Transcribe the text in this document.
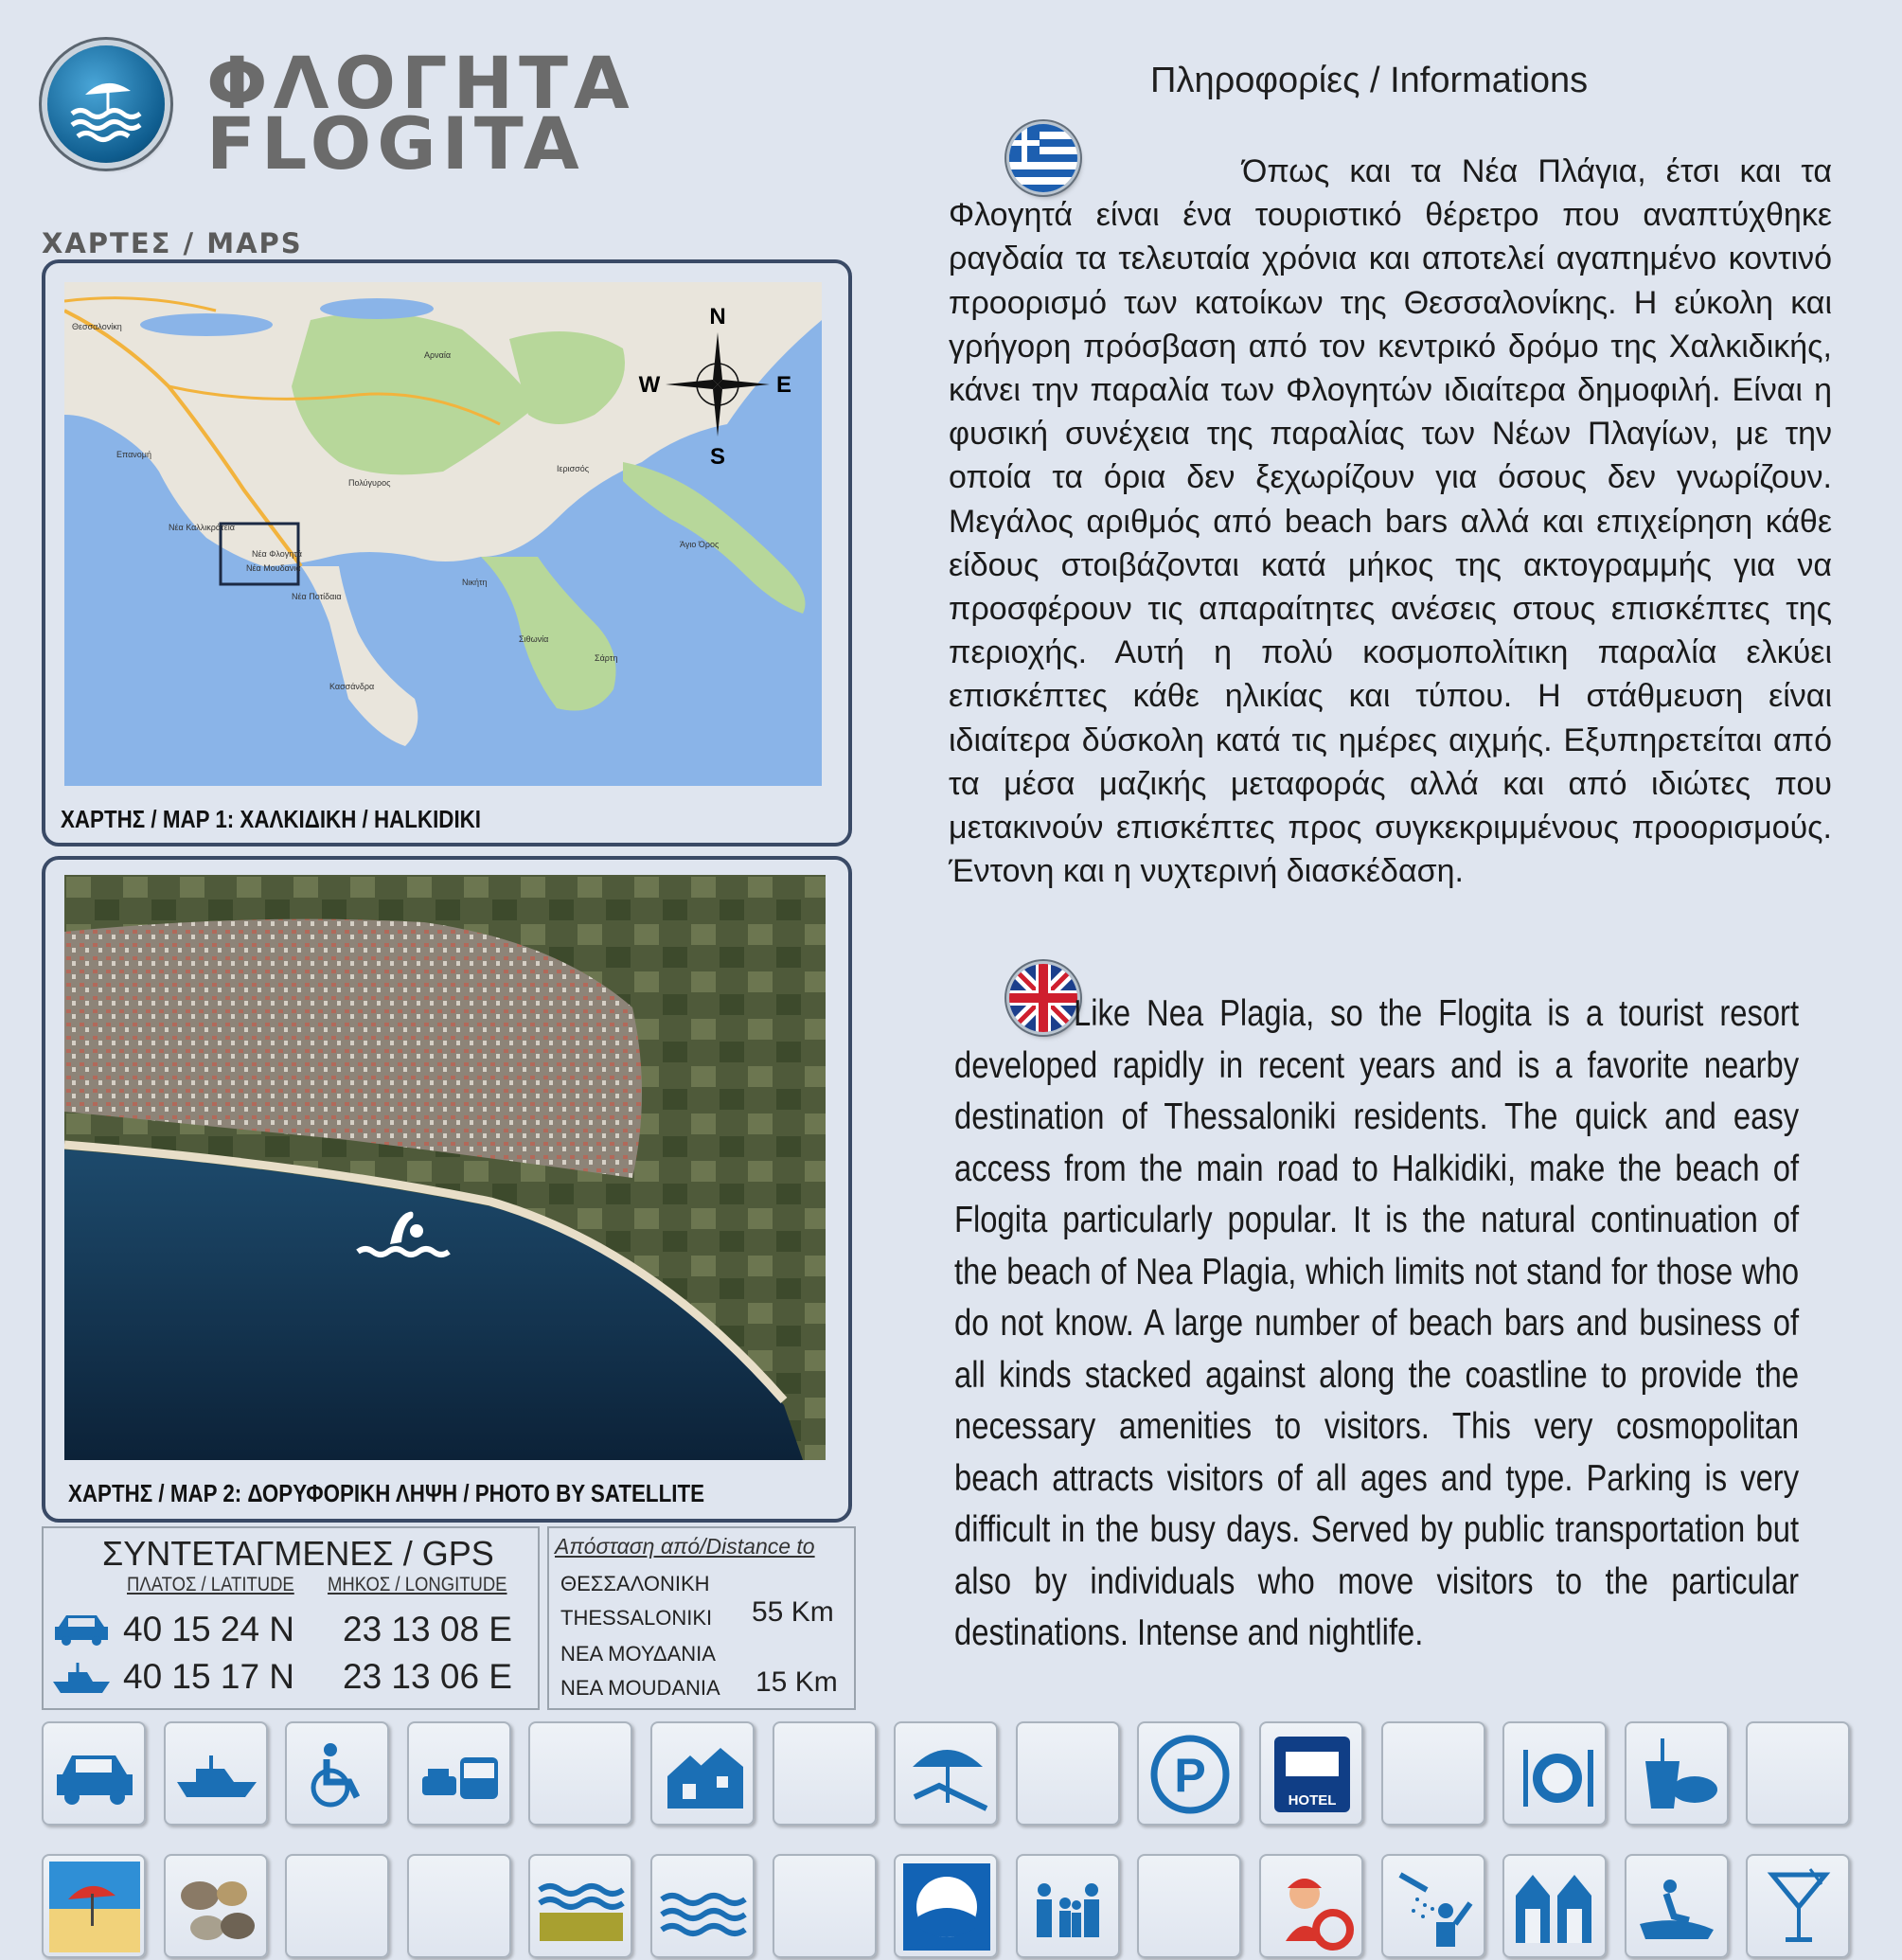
ΦΛΟΓΗΤΑ
FLOGITA
ΧΑΡΤΕΣ / MAPS
N
S
W	E
Θεσσαλονίκη
Νέα Μουδανιά
Νέα Φλογητά
Κασσάνδρα
Σιθωνία
Άγιο Όρος
Πολύγυρος
Νέα Καλλικράτεια
Επανομή
Αρναία
Ιερισσός
Νικήτη
Νέα Ποτίδαια
Σάρτη
ΧΑΡΤΗΣ / MAP 1: ΧΑΛΚΙΔΙΚΗ / HALKIDIKI
ΧΑΡΤΗΣ / MAP 2: ΔΟΡΥΦΟΡΙΚΗ ΛΗΨΗ / PHOTO BY SATELLITE
ΣΥΝΤΕΤΑΓΜΕΝΕΣ / GPS
ΠΛΑΤΟΣ / LATITUDE ΜΗΚΟΣ / LONGITUDE
40 15 24 N 23 13 08 E
40 15 17 N 23 13 06 E
Απόσταση από/Distance to
ΘΕΣΣΑΛΟΝΙΚΗ
THESSALONIKI 55 Km
ΝΕΑ ΜΟΥΔΑΝΙΑ
ΝΕΑ MOUDANIA 15 Km
Πληροφορίες / Informations
Όπως και τα Νέα Πλάγια, έτσι και τα Φλογητά είναι ένα τουριστικό θέρετρο που αναπτύχθηκε ραγδαία τα τελευταία χρόνια και αποτελεί αγαπημένο κοντινό προορισμό των κατοίκων της Θεσσαλονίκης. Η εύκολη και γρήγορη πρόσβαση από τον κεντρικό δρόμο της Χαλκιδικής, κάνει την παραλία των Φλογητών ιδιαίτερα δημοφιλή. Είναι η φυσική συνέχεια της παραλίας των Νέων Πλαγίων, με την οποία τα όρια δεν ξεχωρίζουν για όσους δεν γνωρίζουν. Μεγάλος αριθμός από beach bars αλλά και επιχείρηση κάθε είδους στοιβάζονται κατά μήκος της ακτογραμμής για να προσφέρουν τις απαραίτητες ανέσεις στους επισκέπτες της περιοχής. Αυτή η πολύ κοσμοπολίτικη παραλία ελκύει επισκέπτες κάθε ηλικίας και τύπου. Η στάθμευση είναι ιδιαίτερα δύσκολη κατά τις ημέρες αιχμής. Εξυπηρετείται από τα μέσα μαζικής μεταφοράς αλλά και από ιδιώτες που μετακινούν επισκέπτες προς συγκεκριμμένους προορισμούς. Έντονη και η νυχτερινή διασκέδαση.
Like Nea Plagia, so the Flogita is a tourist resort developed rapidly in recent years and is a favorite nearby destination of Thessaloniki residents. The quick and easy access from the main road to Halkidiki, make the beach of Flogita particularly popular. It is the natural continuation of the beach of Nea Plagia, which limits not stand for those who do not know. A large number of beach bars and business of all kinds stacked against along the coastline to provide the necessary amenities to visitors. This very cosmopolitan beach attracts visitors of all ages and type. Parking is very difficult in the busy days. Served by public transportation but also by individuals who move visitors to the particular destinations. Intense and nightlife.
P	HOTEL
